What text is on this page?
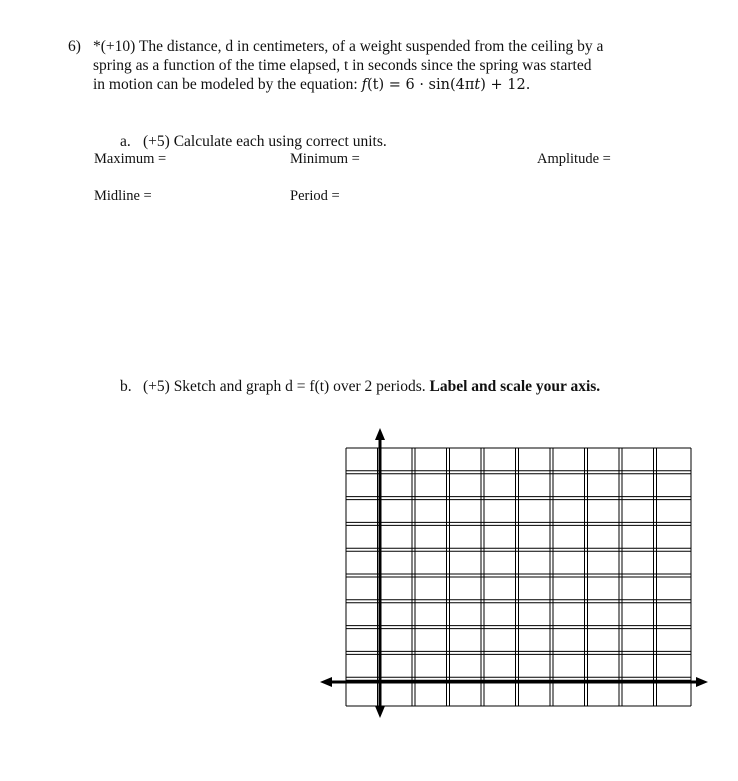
6) *(+10) The distance, d in centimeters, of a weight suspended from the ceiling by a
spring as a function of the time elapsed, t in seconds since the spring was started
in motion can be modeled by the equation: f(t) = 6 · sin(4πt) + 12.
a. (+5) Calculate each using correct units.
Maximum =	Minimum =	Amplitude =
Midline =	Period =
b. (+5) Sketch and graph d = f(t) over 2 periods. Label and scale your axis.
